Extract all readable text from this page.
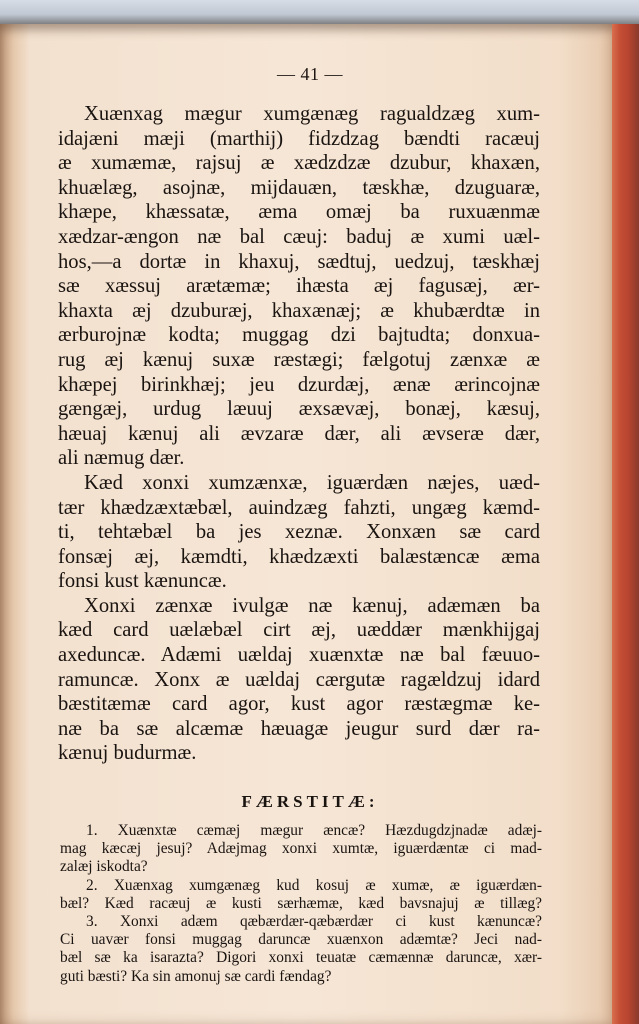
— 41 —

Xuænxag mægur xumgænæg ragualdzæg xum-
idajæni mæji (marthij) fidzdzag bændti racæuj
æ xumæmæ, rajsuj æ xædzdzæ dzubuг, khaxæn,
khuælæg, asojnæ, mijdauæn, tæskhæ, dzuguaræ,
khæpe, khæssatæ, æma omæj ba ruxuænmæ
xædzar-ængon næ bal cæuj: baduj æ xumi uæl-
hos,—a dortæ in khaxuj, sædtuj, uedzuj, tæskhæj
sæ xæssuj arætæmæ; ihæsta æj fagusæj, ær-
khaxta æj dzuburæj, khaxænæj; æ khubærdtæ in
ærburojnæ kodta; muggag dzi bajtudta; donxua-
rug æj kænuj suxæ ræstægi; fælgotuj zænxæ æ
khæpej birinkhæj; jeu dzurdæj, ænæ ærincojnæ
gængæj, urdug læuuj æxsævæj, bonæj, kæsuj,
hæuaj kænuj ali ævzaræ dær, ali ævseræ dær,
ali næmug dær.

Kæd xonxi xumzænxæ, iguærdæn næjes, uæd-
tær khædzæxtæbæl, auindzæg fahzti, ungæg kæmd-
ti, tehtæbæl ba jes xeznæ. Xonxæn sæ card
fonsæj æj, kæmdti, khædzæxti balæstæncæ æma
fonsi kust kænuncæ.

Xonxi zænxæ ivulgæ næ kænuj, adæmæn ba
kæd card uælæbæl cirt æj, uæddær mænkhijgaj
axeduncæ. Adæmi uældaj xuænxtæ næ bal fæuuo-
ramuncæ. Xonx æ uældaj cærgutæ ragældzuj idard
bæstitæmæ card agor, kust agor ræstægmæ ke-
næ ba sæ alcæmæ hæuagæ jeugur surd dær ra-
kænuj budurmæ.

FÆRSTITÆ:

1. Xuænxtæ cæmæj mægur æncæ? Hæzdugdzjnadæ adæj-
mag kæcæj jesuj? Adæjmag xonxi xumtæ, iguærdæntæ ci mad-
zalæj iskodta?

2. Xuænxag xumgænæg kud kosuj æ xumæ, æ iguærdæn-
bæl? Kæd racæuj æ kusti særhæmæ, kæd bavsnajuj æ tillæg?

3. Xonxi adæm qæbærdær-qæbærdær ci kust kænuncæ?
Ci uavær fonsi muggag daruncæ xuænxon adæmtæ? Jeci nad-
bæl sæ ka isarazta? Digori xonxi teuatæ cæmænnæ daruncæ, xær-
guti bæsti? Ka sin amonuj sæ cardi fændag?
